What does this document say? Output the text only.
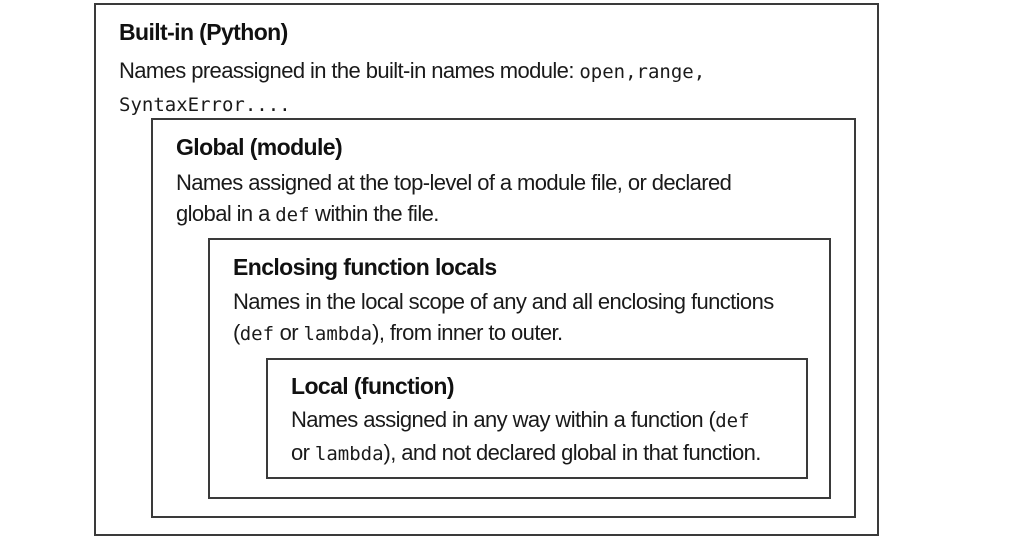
Built-in (Python)
Names preassigned in the built-in names module: open,range,
SyntaxError....
Global (module)
Names assigned at the top-level of a module file, or declared
global in a def within the file.
Enclosing function locals
Names in the local scope of any and all enclosing functions
(def or lambda), from inner to outer.
Local (function)
Names assigned in any way within a function (def
or lambda), and not declared global in that function.
